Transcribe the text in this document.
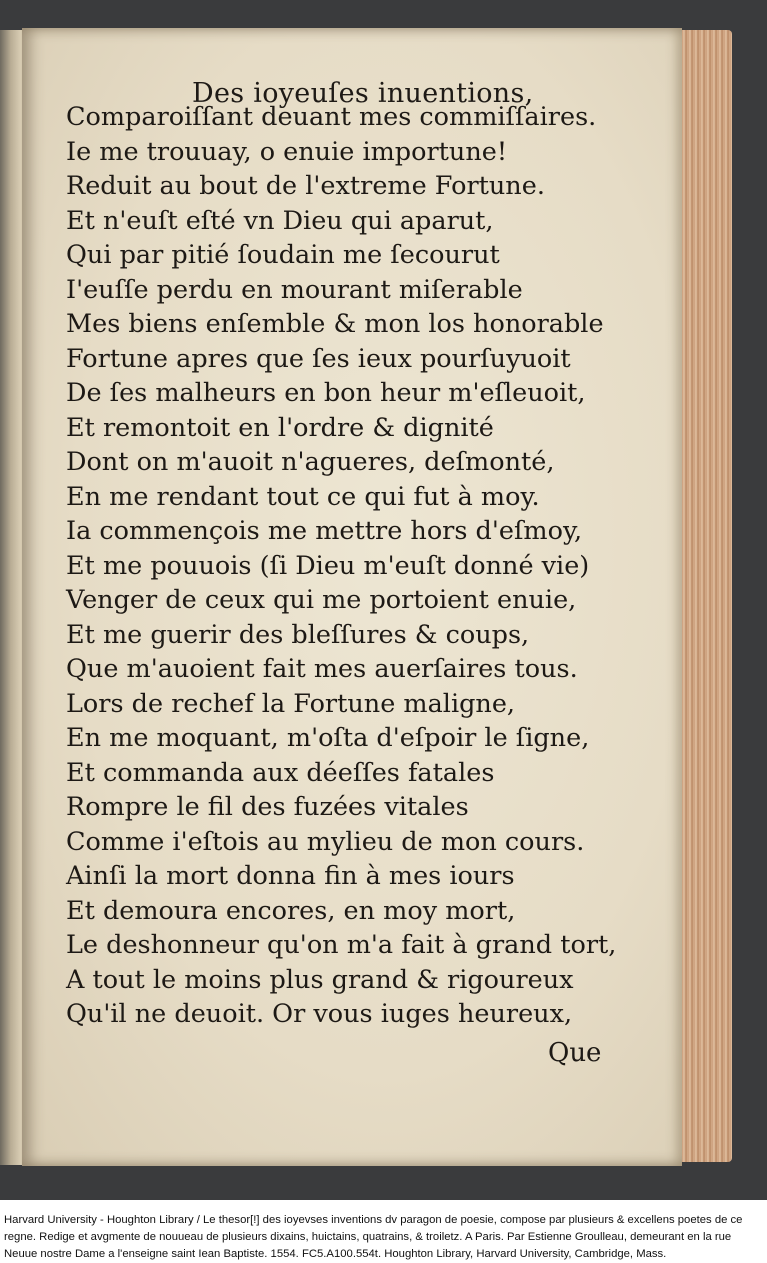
Des ioyeuſes inuentions,
Comparoiſſant deuant mes commiſſaires.
Ie me trouuay, o enuie importune!
Reduit au bout de l'extreme Fortune.
Et n'euſt eſté vn Dieu qui aparut,
Qui par pitié ſoudain me ſecourut
I'euſſe perdu en mourant miſerable
Mes biens enſemble & mon los honorable
Fortune apres que ſes ieux pourſuyuoit
De ſes malheurs en bon heur m'eſleuoit,
Et remontoit en l'ordre & dignité
Dont on m'auoit n'agueres, deſmonté,
En me rendant tout ce qui fut à moy.
Ia commençois me mettre hors d'eſmoy,
Et me pouuois (ſi Dieu m'euſt donné vie)
Venger de ceux qui me portoient enuie,
Et me guerir des bleſſures & coups,
Que m'auoient fait mes auerſaires tous.
Lors de rechef la Fortune maligne,
En me moquant, m'oſta d'eſpoir le ſigne,
Et commanda aux déeſſes fatales
Rompre le fil des fuzées vitales
Comme i'eſtois au mylieu de mon cours.
Ainſi la mort donna fin à mes iours
Et demoura encores, en moy mort,
Le deshonneur qu'on m'a fait à grand tort,
A tout le moins plus grand & rigoureux
Qu'il ne deuoit. Or vous iuges heureux,
Que
Harvard University - Houghton Library / Le thesor[!] des ioyevses inventions dv paragon de poesie, compose par plusieurs & excellens poetes de ce regne. Redige et avgmente de nouueau de plusieurs dixains, huictains, quatrains, & troiletz. A Paris. Par Estienne Groulleau, demeurant en la rue Neuue nostre Dame a l'enseigne saint Iean Baptiste. 1554. FC5.A100.554t. Houghton Library, Harvard University, Cambridge, Mass.
